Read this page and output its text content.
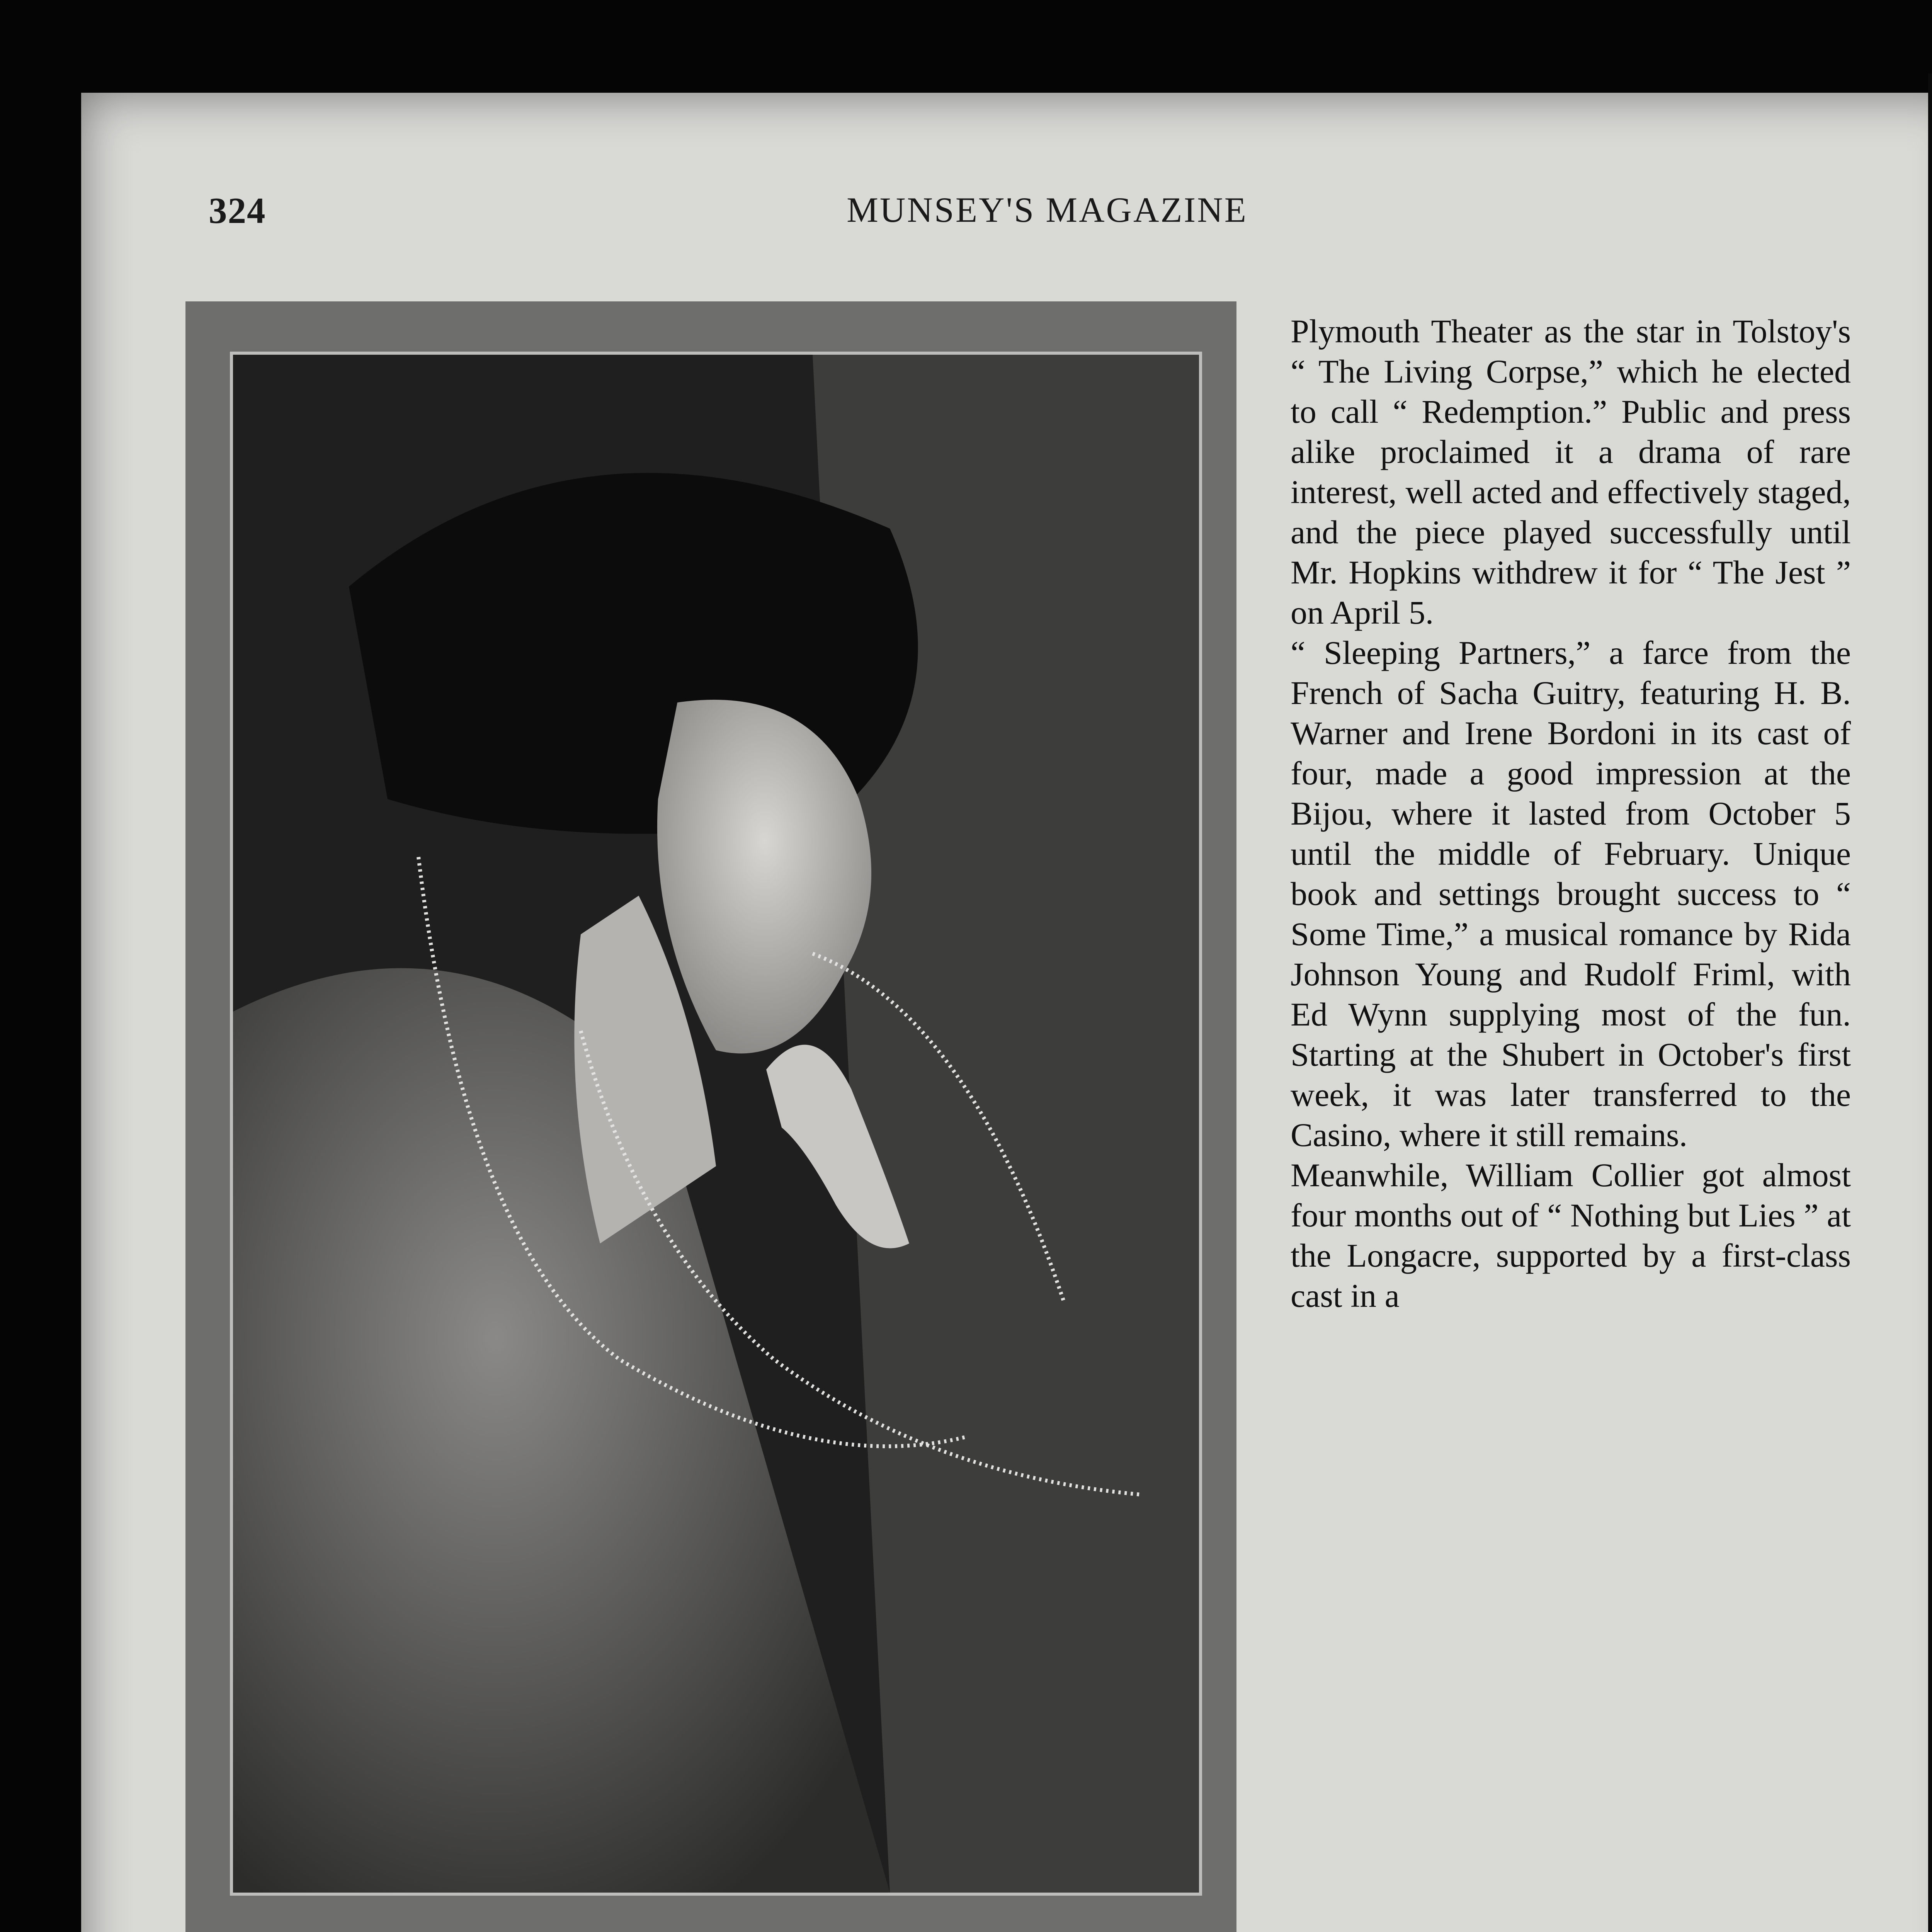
324	MUNSEY'S MAGAZINE
Plymouth Theater as the star in Tolstoy's “ The Living Corpse,” which he elected to call “ Redemption.” Public and press alike proclaimed it a drama of rare interest, well acted and effectively staged, and the piece played successfully until Mr. Hopkins withdrew it for “ The Jest ” on April 5.
“ Sleeping Partners,” a farce from the French of Sacha Guitry, featuring H. B. Warner and Irene Bordoni in its cast of four, made a good impression at the Bijou, where it lasted from October 5 until the middle of February. Unique book and settings brought success to “ Some Time,” a musical romance by Rida Johnson Young and Rudolf Friml, with Ed Wynn supplying most of the fun. Starting at the Shubert in October's first week, it was later transferred to the Casino, where it still remains.
Meanwhile, William Collier got almost four months out of “ Nothing but Lies ” at the Longacre, supported by a first-class cast in a
